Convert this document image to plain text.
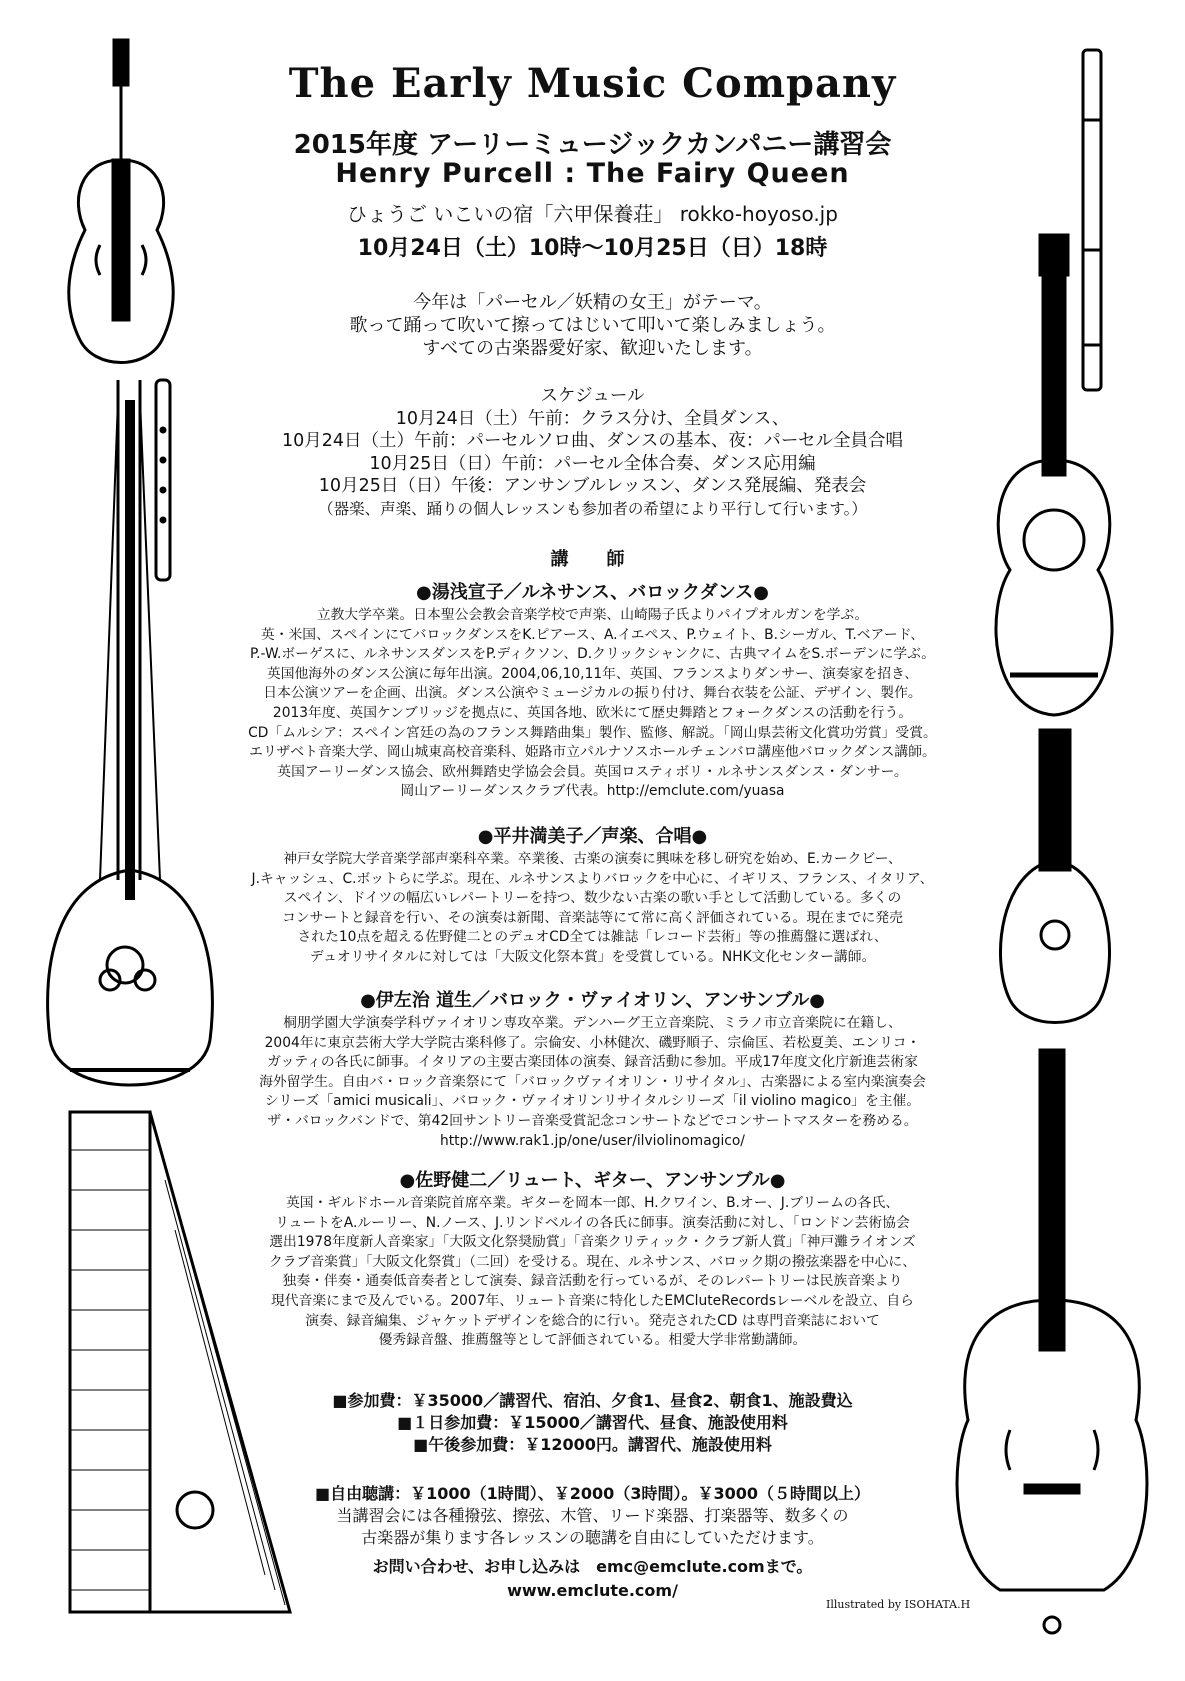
The Early Music Company
2015年度 アーリーミュージックカンパニー講習会
Henry Purcell : The Fairy Queen
ひょうご いこいの宿「六甲保養荘」 rokko-hoyoso.jp
10月24日（土）10時～10月25日（日）18時
今年は「パーセル／妖精の女王」がテーマ。
歌って踊って吹いて擦ってはじいて叩いて楽しみましょう。
すべての古楽器愛好家、歓迎いたします。
スケジュール
10月24日（土）午前：クラス分け、全員ダンス、
10月24日（土）午前：パーセルソロ曲、ダンスの基本、夜：パーセル全員合唱
10月25日（日）午前：パーセル全体合奏、ダンス応用編
10月25日（日）午後：アンサンブルレッスン、ダンス発展編、発表会
（器楽、声楽、踊りの個人レッスンも参加者の希望により平行して行います。）
講　師
●湯浅宣子／ルネサンス、バロックダンス●

立教大学卒業。日本聖公会教会音楽学校で声楽、山崎陽子氏よりパイプオルガンを学ぶ。

英・米国、スペインにてバロックダンスをK.ピアース、A.イエペス、P.ウェイト、B.シーガル、T.ベアード、

P.-W.ボーゲスに、ルネサンスダンスをP.ディクソン、D.クリックシャンクに、古典マイムをS.ボーデンに学ぶ。

英国他海外のダンス公演に毎年出演。2004,06,10,11年、英国、フランスよりダンサー、演奏家を招き、

日本公演ツアーを企画、出演。ダンス公演やミュージカルの振り付け、舞台衣装を公証、デザイン、製作。

2013年度、英国ケンブリッジを拠点に、英国各地、欧米にて歴史舞踏とフォークダンスの活動を行う。

CD「ムルシア：スペイン宮廷の為のフランス舞踏曲集」製作、監修、解説。「岡山県芸術文化賞功労賞」受賞。

エリザベト音楽大学、岡山城東高校音楽科、姫路市立パルナソスホールチェンバロ講座他バロックダンス講師。

英国アーリーダンス協会、欧州舞踏史学協会会員。英国ロスティボリ・ルネサンスダンス・ダンサー。

岡山アーリーダンスクラブ代表。http://emclute.com/yuasa

●平井満美子／声楽、合唱●

神戸女学院大学音楽学部声楽科卒業。卒業後、古楽の演奏に興味を移し研究を始め、E.カークビー、

J.キャッシュ、C.ボットらに学ぶ。現在、ルネサンスよりバロックを中心に、イギリス、フランス、イタリア、

スペイン、ドイツの幅広いレパートリーを持つ、数少ない古楽の歌い手として活動している。多くの

コンサートと録音を行い、その演奏は新聞、音楽誌等にて常に高く評価されている。現在までに発売

された10点を超える佐野健二とのデュオCD全ては雑誌「レコード芸術」等の推薦盤に選ばれ、

デュオリサイタルに対しては「大阪文化祭本賞」を受賞している。NHK文化センター講師。

●伊左治 道生／バロック・ヴァイオリン、アンサンブル●

桐朋学園大学演奏学科ヴァイオリン専攻卒業。デンハーグ王立音楽院、ミラノ市立音楽院に在籍し、

2004年に東京芸術大学大学院古楽科修了。宗倫安、小林健次、磯野順子、宗倫匡、若松夏美、エンリコ・

ガッティの各氏に師事。イタリアの主要古楽団体の演奏、録音活動に参加。平成17年度文化庁新進芸術家

海外留学生。自由バ・ロック音楽祭にて「バロックヴァイオリン・リサイタル」、古楽器による室内楽演奏会

シリーズ「amici musicali」、バロック・ヴァイオリンリサイタルシリーズ「il violino magico」を主催。

ザ・バロックバンドで、第42回サントリー音楽受賞記念コンサートなどでコンサートマスターを務める。

http://www.rak1.jp/one/user/ilviolinomagico/

●佐野健二／リュート、ギター、アンサンブル●

英国・ギルドホール音楽院首席卒業。ギターを岡本一郎、H.クワイン、B.オー、J.ブリームの各氏、

リュートをA.ルーリー、N.ノース、J.リンドベルイの各氏に師事。演奏活動に対し、「ロンドン芸術協会

選出1978年度新人音楽家」「大阪文化祭奨励賞」「音楽クリティック・クラブ新人賞」「神戸灘ライオンズ

クラブ音楽賞」「大阪文化祭賞」（二回）を受ける。現在、ルネサンス、バロック期の撥弦楽器を中心に、

独奏・伴奏・通奏低音奏者として演奏、録音活動を行っているが、そのレパートリーは民族音楽より

現代音楽にまで及んでいる。2007年、リュート音楽に特化したEMCluteRecordsレーベルを設立、自ら

演奏、録音編集、ジャケットデザインを総合的に行い。発売されたCD は専門音楽誌において

優秀録音盤、推薦盤等として評価されている。相愛大学非常勤講師。

■参加費：￥35000／講習代、宿泊、夕食1、昼食2、朝食1、施設費込
■１日参加費：￥15000／講習代、昼食、施設使用料
■午後参加費：￥12000円。講習代、施設使用料
■自由聴講：￥1000（1時間）、￥2000（3時間）。￥3000（５時間以上）
当講習会には各種撥弦、擦弦、木管、リード楽器、打楽器等、数多くの
古楽器が集ります各レッスンの聴講を自由にしていただけます。
お問い合わせ、お申し込みは　emc@emclute.comまで。
www.emclute.com/
Illustrated by ISOHATA.H
